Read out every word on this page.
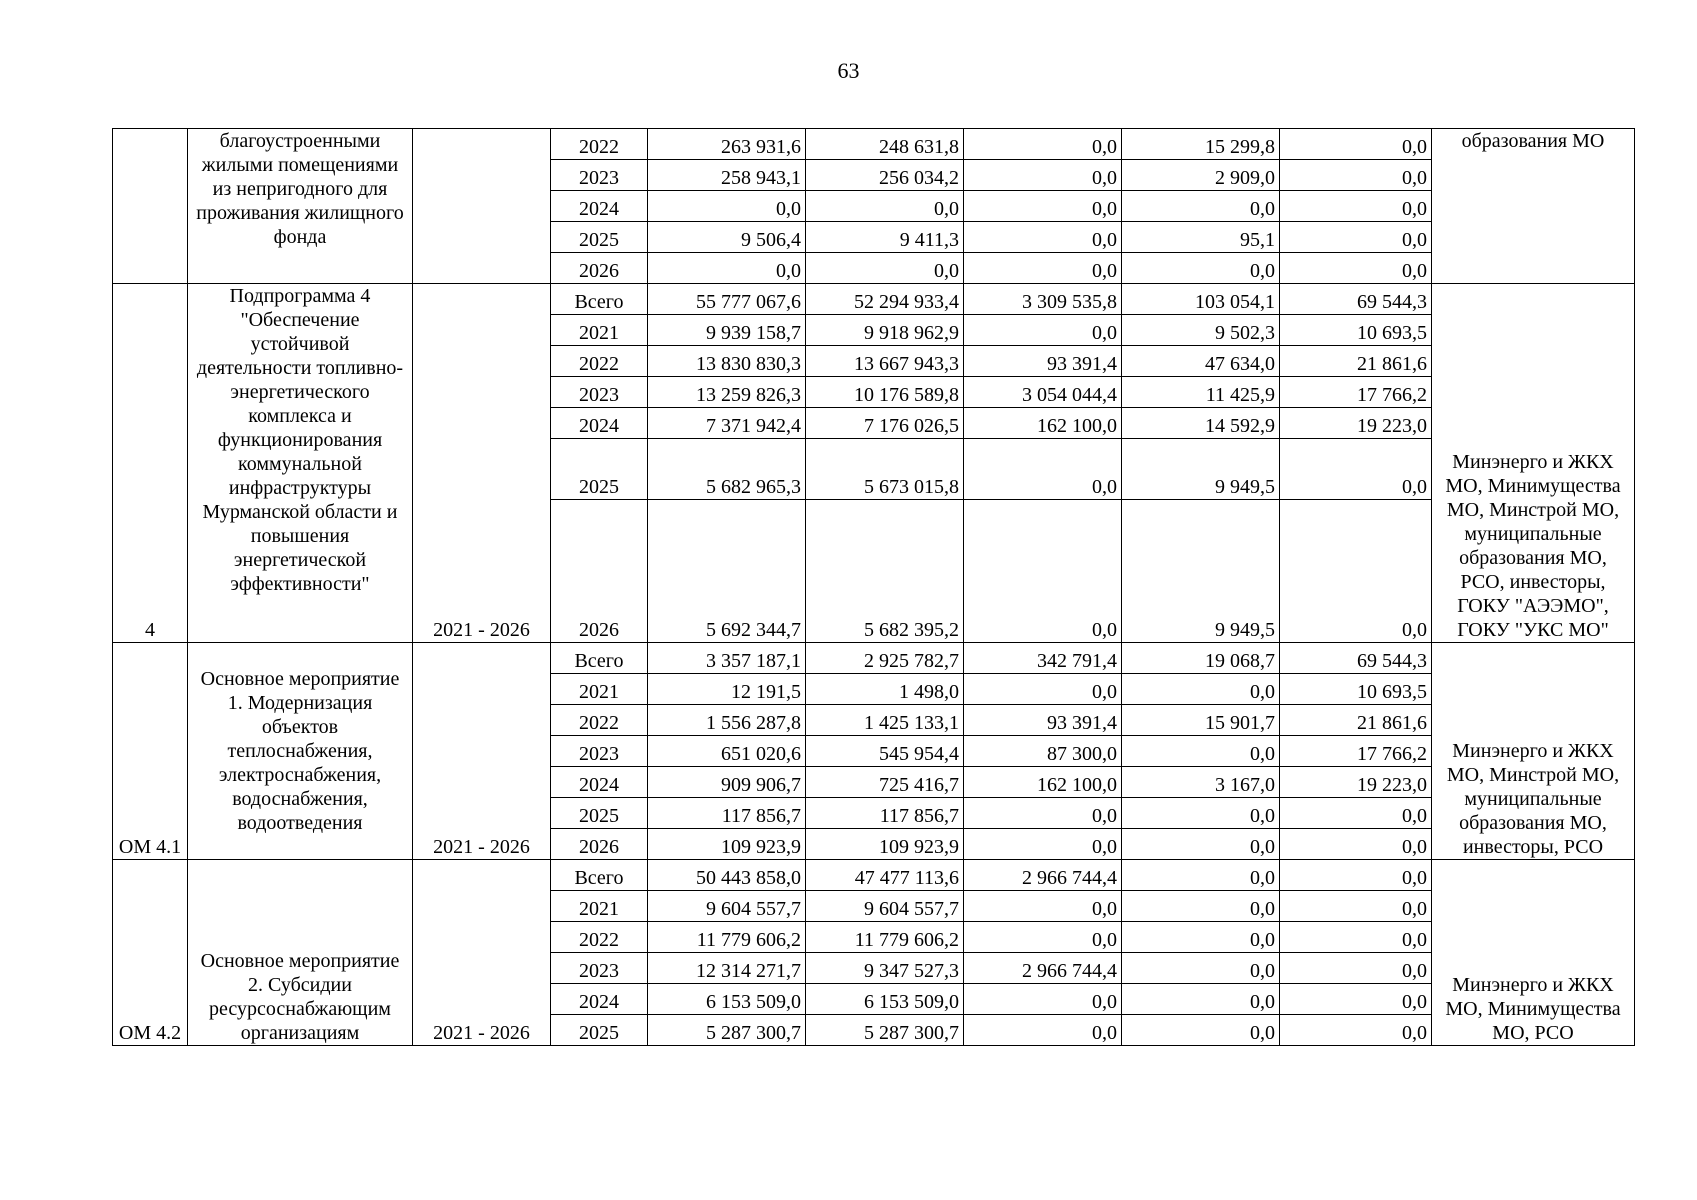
63
	благоустроенными жилыми помещениями из непригодного для проживания жилищного фонда		2022	263 931,6	248 631,8	0,0	15 299,8	0,0	образования МО
			2023	258 943,1	256 034,2	0,0	2 909,0	0,0	
			2024	0,0	0,0	0,0	0,0	0,0	
			2025	9 506,4	9 411,3	0,0	95,1	0,0	
			2026	0,0	0,0	0,0	0,0	0,0	
4	Подпрограмма 4 "Обеспечение устойчивой деятельности топливно-энергетического комплекса и функционирования коммунальной инфраструктуры Мурманской области и повышения энергетической эффективности"	2021 - 2026	Всего	55 777 067,6	52 294 933,4	3 309 535,8	103 054,1	69 544,3	Минэнерго и ЖКХ МО, Минимущества МО, Минстрой МО, муниципальные образования МО, РСО, инвесторы, ГОКУ "АЭЭМО", ГОКУ "УКС МО"
			2021	9 939 158,7	9 918 962,9	0,0	9 502,3	10 693,5	
			2022	13 830 830,3	13 667 943,3	93 391,4	47 634,0	21 861,6	
			2023	13 259 826,3	10 176 589,8	3 054 044,4	11 425,9	17 766,2	
			2024	7 371 942,4	7 176 026,5	162 100,0	14 592,9	19 223,0	
			2025	5 682 965,3	5 673 015,8	0,0	9 949,5	0,0	
			2026	5 692 344,7	5 682 395,2	0,0	9 949,5	0,0	
ОМ 4.1	Основное мероприятие 1. Модернизация объектов теплоснабжения, электроснабжения, водоснабжения, водоотведения	2021 - 2026	Всего	3 357 187,1	2 925 782,7	342 791,4	19 068,7	69 544,3	Минэнерго и ЖКХ МО, Минстрой МО, муниципальные образования МО, инвесторы, РСО
			2021	12 191,5	1 498,0	0,0	0,0	10 693,5	
			2022	1 556 287,8	1 425 133,1	93 391,4	15 901,7	21 861,6	
			2023	651 020,6	545 954,4	87 300,0	0,0	17 766,2	
			2024	909 906,7	725 416,7	162 100,0	3 167,0	19 223,0	
			2025	117 856,7	117 856,7	0,0	0,0	0,0	
			2026	109 923,9	109 923,9	0,0	0,0	0,0	
ОМ 4.2	Основное мероприятие 2. Субсидии ресурсоснабжающим организациям	2021 - 2026	Всего	50 443 858,0	47 477 113,6	2 966 744,4	0,0	0,0	Минэнерго и ЖКХ МО, Минимущества МО, РСО
			2021	9 604 557,7	9 604 557,7	0,0	0,0	0,0	
			2022	11 779 606,2	11 779 606,2	0,0	0,0	0,0	
			2023	12 314 271,7	9 347 527,3	2 966 744,4	0,0	0,0	
			2024	6 153 509,0	6 153 509,0	0,0	0,0	0,0	
			2025	5 287 300,7	5 287 300,7	0,0	0,0	0,0	
